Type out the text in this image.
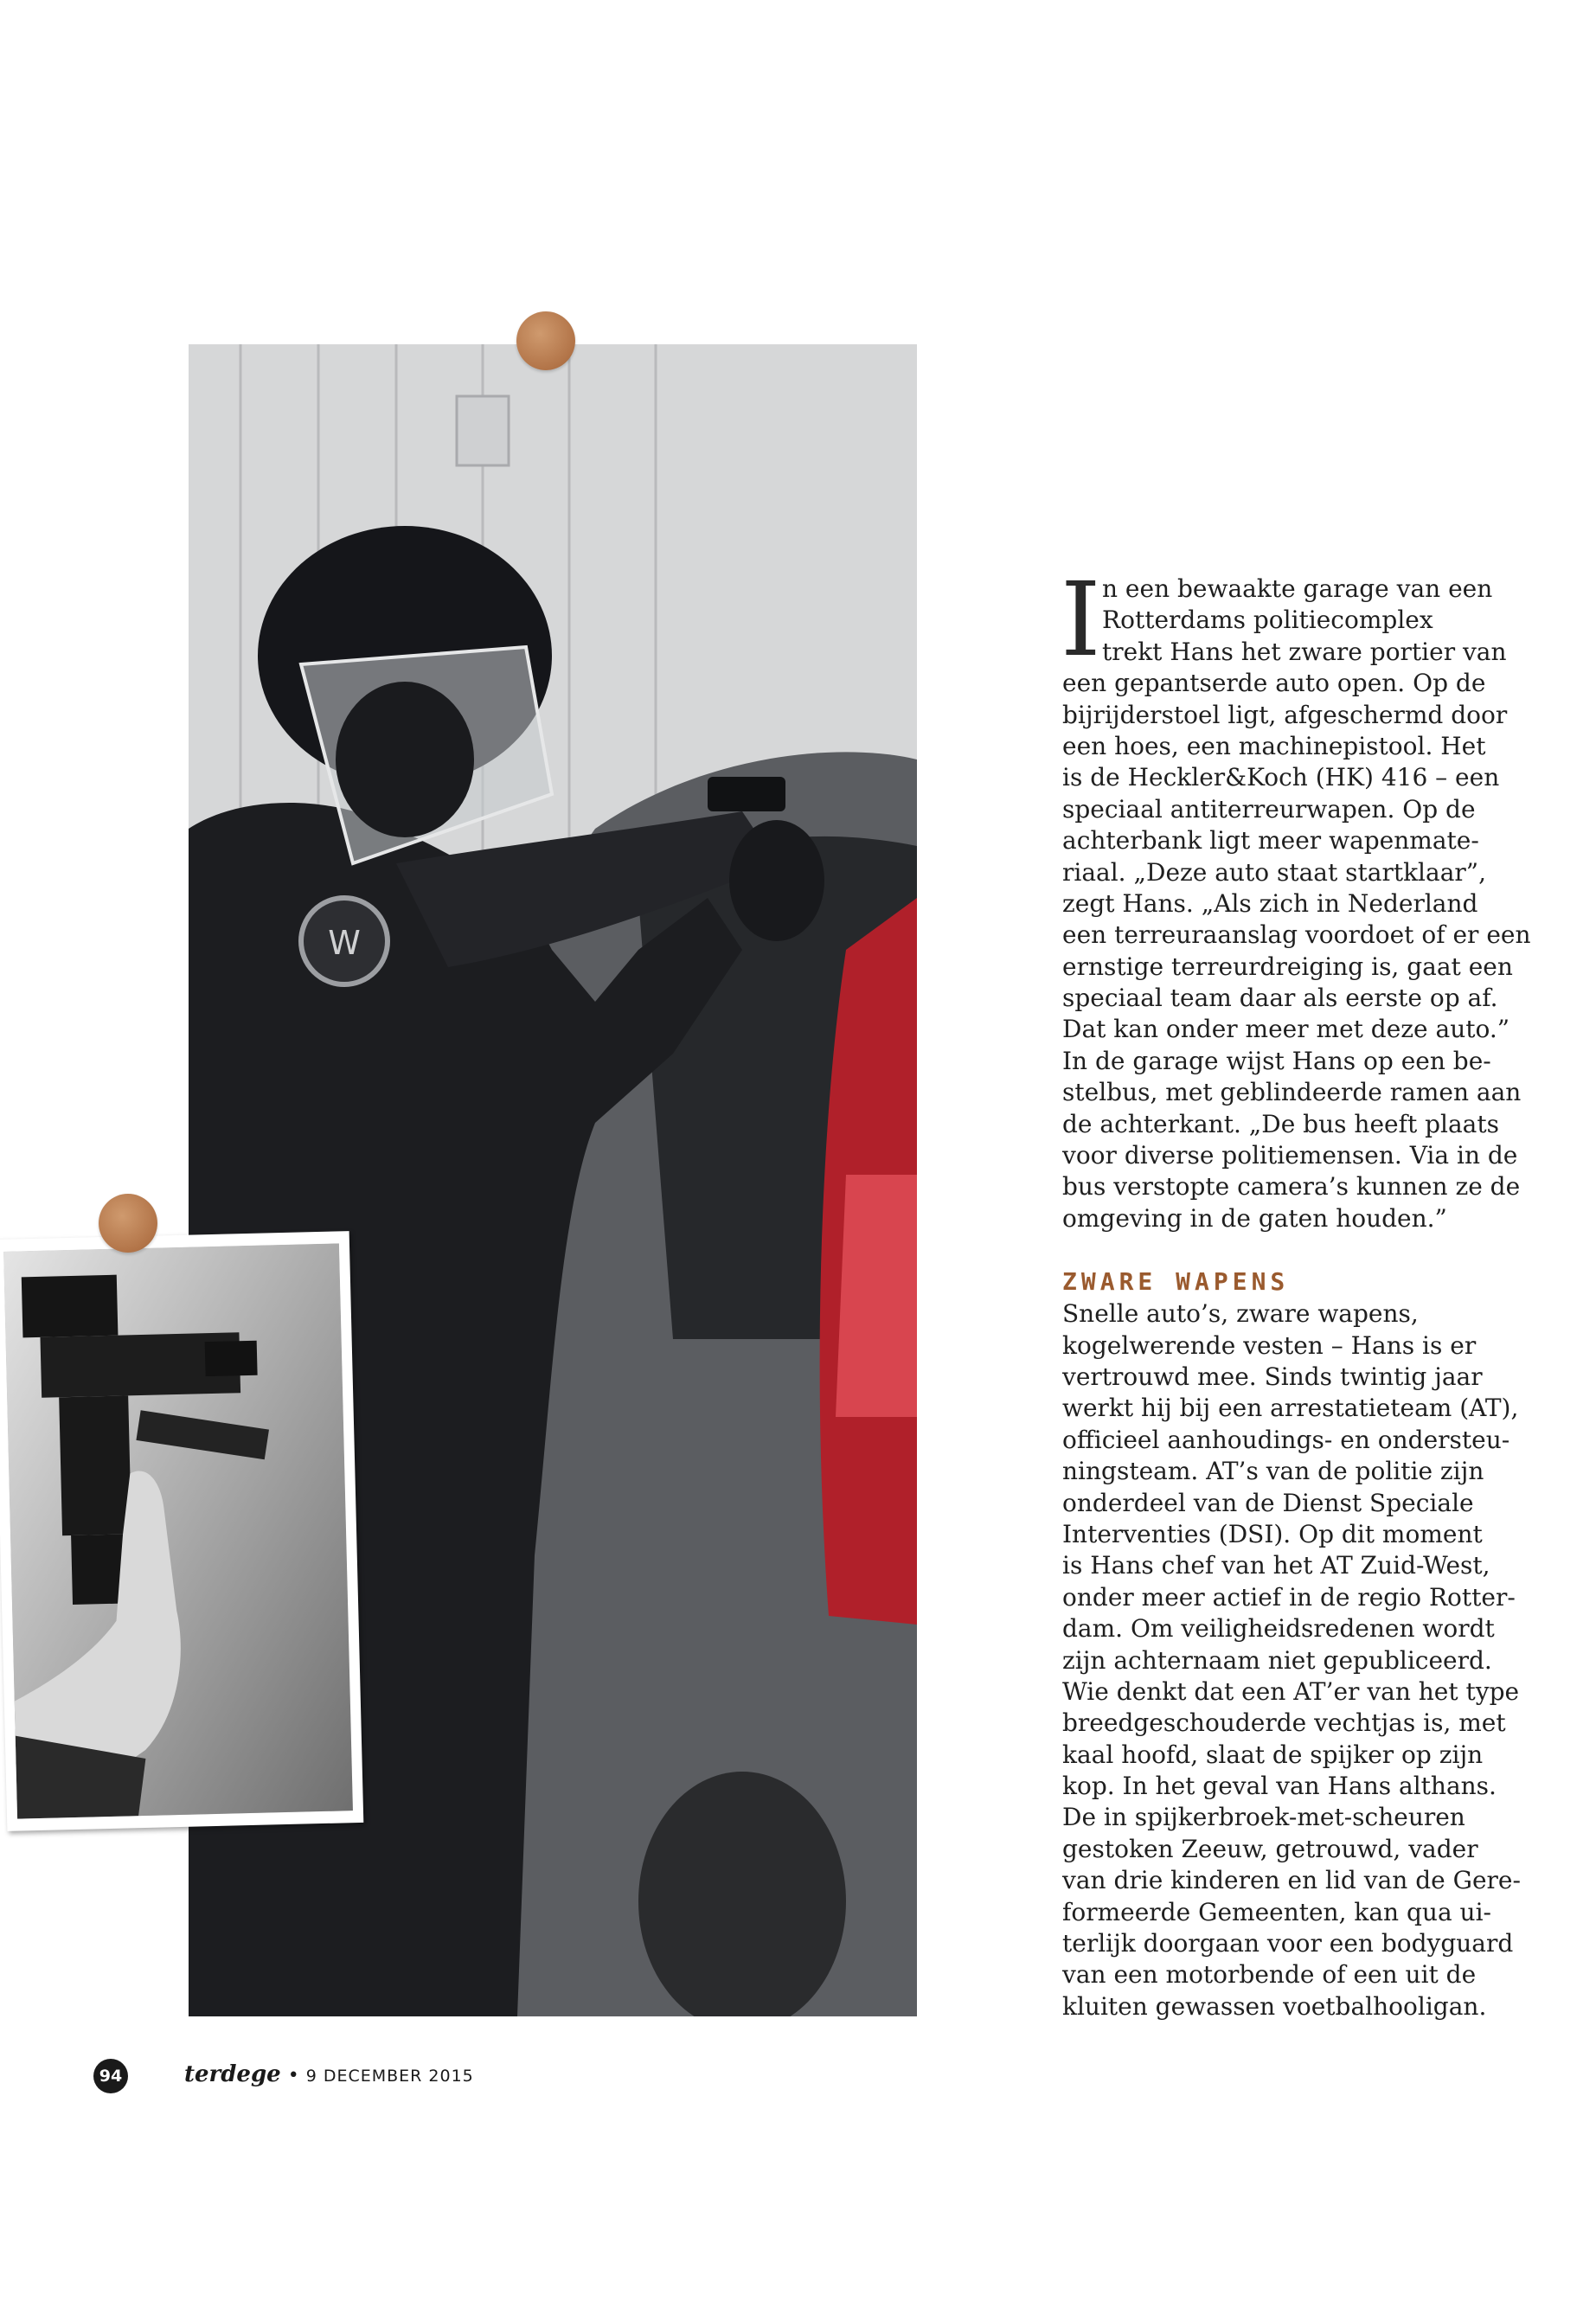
W

I n een bewaakte garage van een
Rotterdams politiecomplex
trekt Hans het zware portier van
een gepantserde auto open. Op de
bijrijderstoel ligt, afgeschermd door
een hoes, een machinepistool. Het
is de Heckler&Koch (HK) 416 – een
speciaal antiterreurwapen. Op de
achterbank ligt meer wapenmate-
riaal. „Deze auto staat startklaar”,
zegt Hans. „Als zich in Nederland
een terreuraanslag voordoet of er een
ernstige terreurdreiging is, gaat een
speciaal team daar als eerste op af.
Dat kan onder meer met deze auto.”
In de garage wijst Hans op een be-
stelbus, met geblindeerde ramen aan
de achterkant. „De bus heeft plaats
voor diverse politiemensen. Via in de
bus verstopte camera’s kunnen ze de
omgeving in de gaten houden.”

ZWARE WAPENS

Snelle auto’s, zware wapens,
kogelwerende vesten – Hans is er
vertrouwd mee. Sinds twintig jaar
werkt hij bij een arrestatieteam (AT),
officieel aanhoudings- en ondersteu-
ningsteam. AT’s van de politie zijn
onderdeel van de Dienst Speciale
Interventies (DSI). Op dit moment
is Hans chef van het AT Zuid-West,
onder meer actief in de regio Rotter-
dam. Om veiligheidsredenen wordt
zijn achternaam niet gepubliceerd.
Wie denkt dat een AT’er van het type
breedgeschouderde vechtjas is, met
kaal hoofd, slaat de spijker op zijn
kop. In het geval van Hans althans.
De in spijkerbroek-met-scheuren
gestoken Zeeuw, getrouwd, vader
van drie kinderen en lid van de Gere-
formeerde Gemeenten, kan qua ui-
terlijk doorgaan voor een bodyguard
van een motorbende of een uit de
kluiten gewassen voetbalhooligan.

94	terdege • 9 DECEMBER 2015
